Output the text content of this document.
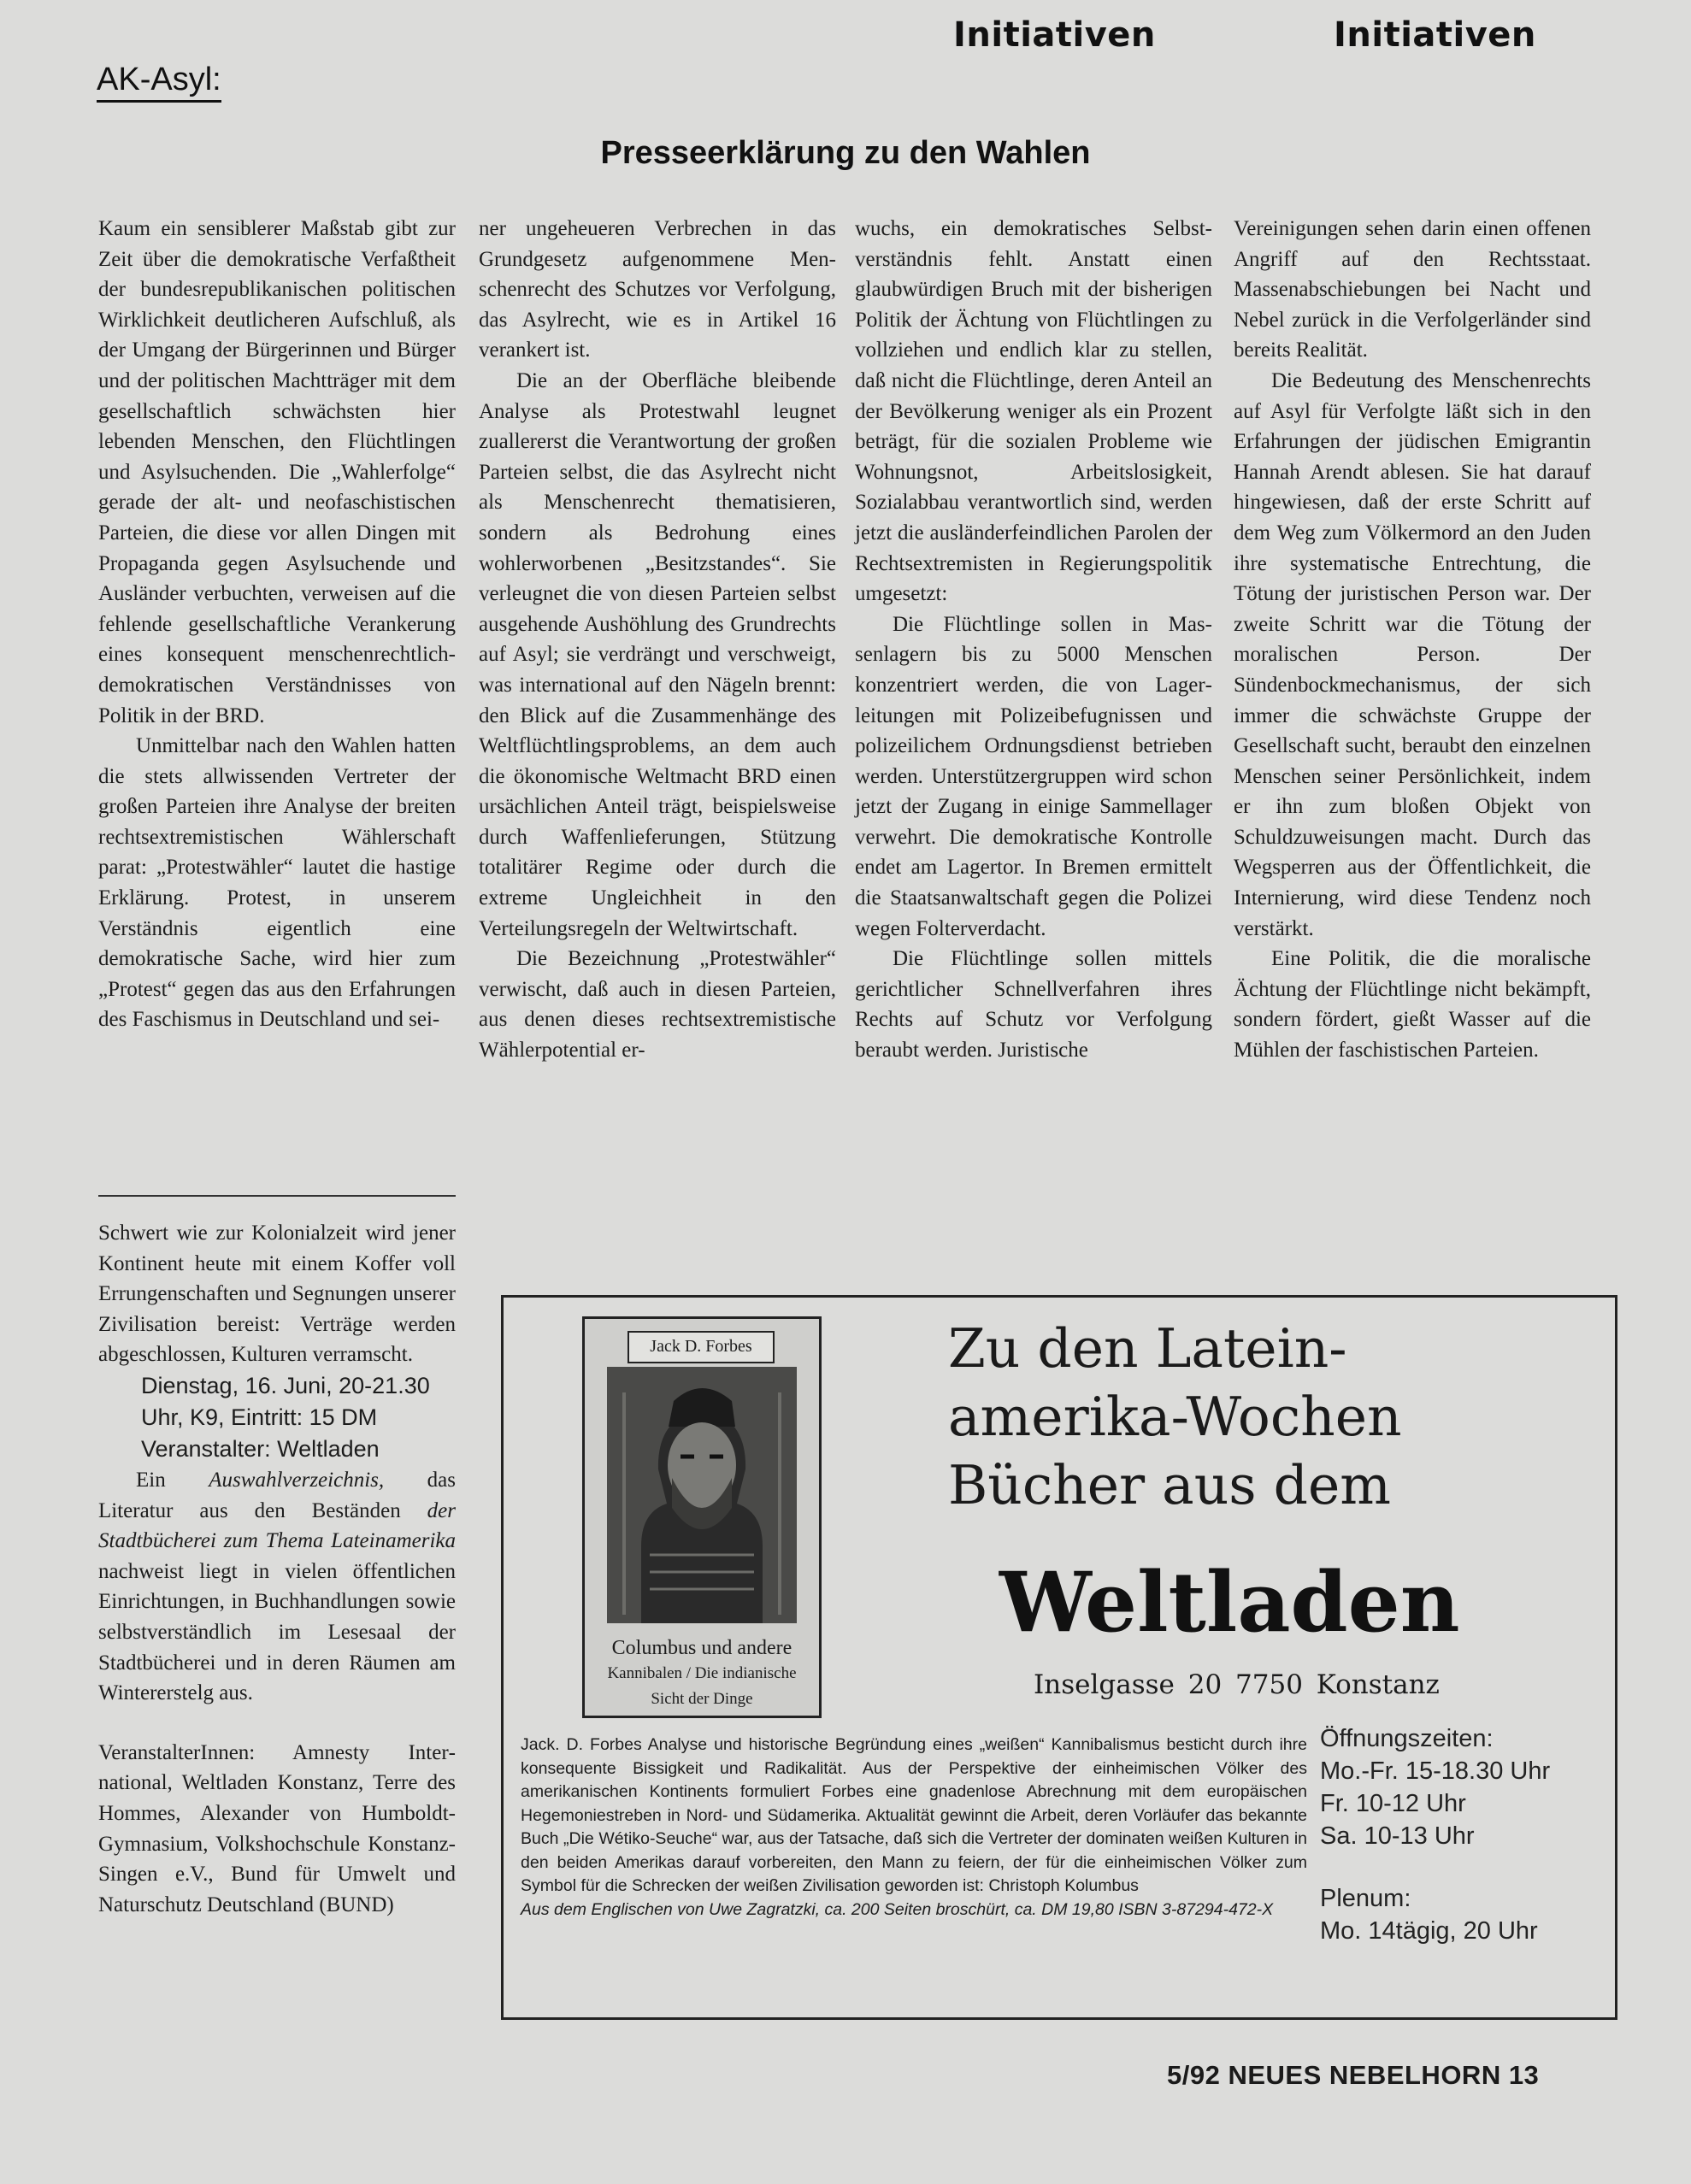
Initiativen	Initiativen
AK-Asyl:
Presseerklärung zu den Wahlen

Kaum ein sensiblerer Maßstab gibt zur Zeit über die demokratische Verfaßtheit der bundesrepublikanischen politischen Wirklichkeit deutlicheren Aufschluß, als der Umgang der Bürgerinnen und Bürger und der politischen Machtträger mit dem gesellschaftlich schwächsten hier lebenden Menschen, den Flüchtlingen und Asylsuchenden. Die „Wahlerfolge“ gerade der alt- und neofaschistischen Parteien, die diese vor allen Dingen mit Propaganda gegen Asylsuchende und Ausländer verbuchten, verweisen auf die fehlende gesellschaftliche Verankerung eines konsequent menschenrechtlich-demokratischen Verständnisses von Politik in der BRD.

Unmittelbar nach den Wahlen hatten die stets allwissenden Vertreter der großen Parteien ihre Analyse der breiten rechtsextremistischen Wählerschaft parat: „Protestwähler“ lautet die hastige Erklärung. Protest, in unserem Verständnis eigentlich eine demokratische Sache, wird hier zum „Protest“ gegen das aus den Erfahrungen des Faschismus in Deutschland und sei-

ner ungeheueren Verbrechen in das Grundgesetz aufgenommene Menschenrecht des Schutzes vor Verfolgung, das Asylrecht, wie es in Artikel 16 verankert ist.

Die an der Oberfläche bleibende Analyse als Protestwahl leugnet zuallererst die Verantwortung der großen Parteien selbst, die das Asylrecht nicht als Menschenrecht thematisieren, sondern als Bedrohung eines wohlerworbenen „Besitzstandes“. Sie verleugnet die von diesen Parteien selbst ausgehende Aushöhlung des Grundrechts auf Asyl; sie verdrängt und verschweigt, was international auf den Nägeln brennt: den Blick auf die Zusammenhänge des Weltflüchtlingsproblems, an dem auch die ökonomische Weltmacht BRD einen ursächlichen Anteil trägt, beispielsweise durch Waffenlieferungen, Stützung totalitärer Regime oder durch die extreme Ungleichheit in den Verteilungsregeln der Weltwirtschaft.

Die Bezeichnung „Protestwähler“ verwischt, daß auch in diesen Parteien, aus denen dieses rechtsextremistische Wählerpotential er-

wuchs, ein demokratisches Selbstverständnis fehlt. Anstatt einen glaubwürdigen Bruch mit der bisherigen Politik der Ächtung von Flüchtlingen zu vollziehen und endlich klar zu stellen, daß nicht die Flüchtlinge, deren Anteil an der Bevölkerung weniger als ein Prozent beträgt, für die sozialen Probleme wie Wohnungsnot, Arbeitslosigkeit, Sozialabbau verantwortlich sind, werden jetzt die ausländerfeindlichen Parolen der Rechtsextremisten in Regierungspolitik umgesetzt:

Die Flüchtlinge sollen in Massenlagern bis zu 5000 Menschen konzentriert werden, die von Lagerleitungen mit Polizeibefugnissen und polizeilichem Ordnungsdienst betrieben werden. Unterstützergruppen wird schon jetzt der Zugang in einige Sammellager verwehrt. Die demokratische Kontrolle endet am Lagertor. In Bremen ermittelt die Staatsanwaltschaft gegen die Polizei wegen Folterverdacht.

Die Flüchtlinge sollen mittels gerichtlicher Schnellverfahren ihres Rechts auf Schutz vor Verfolgung beraubt werden. Juristische

Vereinigungen sehen darin einen offenen Angriff auf den Rechtsstaat. Massenabschiebungen bei Nacht und Nebel zurück in die Verfolgerländer sind bereits Realität.

Die Bedeutung des Menschenrechts auf Asyl für Verfolgte läßt sich in den Erfahrungen der jüdischen Emigrantin Hannah Arendt ablesen. Sie hat darauf hingewiesen, daß der erste Schritt auf dem Weg zum Völkermord an den Juden ihre systematische Entrechtung, die Tötung der juristischen Person war. Der zweite Schritt war die Tötung der moralischen Person. Der Sündenbockmechanismus, der sich immer die schwächste Gruppe der Gesellschaft sucht, beraubt den einzelnen Menschen seiner Persönlichkeit, indem er ihn zum bloßen Objekt von Schuldzuweisungen macht. Durch das Wegsperren aus der Öffentlichkeit, die Internierung, wird diese Tendenz noch verstärkt.

Eine Politik, die die moralische Ächtung der Flüchtlinge nicht bekämpft, sondern fördert, gießt Wasser auf die Mühlen der faschistischen Parteien.

Schwert wie zur Kolonialzeit wird jener Kontinent heute mit einem Koffer voll Errungenschaften und Segnungen unserer Zivilisation bereist: Verträge werden abgeschlossen, Kulturen verramscht.

Dienstag, 16. Juni, 20-21.30

Uhr, K9, Eintritt: 15 DM

Veranstalter: Weltladen

Ein Auswahlverzeichnis, das Literatur aus den Beständen der Stadtbücherei zum Thema Lateinamerika nachweist liegt in vielen öffentlichen Einrichtungen, in Buchhandlungen sowie selbstverständlich im Lesesaal der Stadtbücherei und in deren Räumen am Wintererstelg aus.

VeranstalterInnen: Amnesty International, Weltladen Konstanz, Terre des Hommes, Alexander von Humboldt-Gymnasium, Volkshochschule Konstanz-Singen e.V., Bund für Umwelt und Naturschutz Deutschland (BUND)

Jack D. Forbes
Columbus und andere
Kannibalen / Die indianische
Sicht der Dinge
Zu den Latein-
amerika-Wochen
Bücher aus dem
Weltladen
Inselgasse 20 7750 Konstanz
Jack. D. Forbes Analyse und historische Begründung eines „weißen“ Kannibalismus besticht durch ihre konsequente Bissigkeit und Radikalität. Aus der Perspektive der einheimischen Völker des amerikanischen Kontinents formuliert Forbes eine gnadenlose Abrechnung mit dem europäischen Hegemoniestreben in Nord- und Südamerika. Aktualität gewinnt die Arbeit, deren Vorläufer das bekannte Buch „Die Wétiko-Seuche“ war, aus der Tatsache, daß sich die Vertreter der dominaten weißen Kulturen in den beiden Amerikas darauf vorbereiten, den Mann zu feiern, der für die einheimischen Völker zum Symbol für die Schrecken der weißen Zivilisation geworden ist: Christoph Kolumbus
Aus dem Englischen von Uwe Zagratzki, ca. 200 Seiten broschürt, ca. DM 19,80 ISBN 3-87294-472-X
Öffnungszeiten:
Mo.-Fr. 15-18.30 Uhr
Fr. 10-12 Uhr
Sa. 10-13 Uhr
Plenum:
Mo. 14tägig, 20 Uhr
5/92 NEUES NEBELHORN 13
